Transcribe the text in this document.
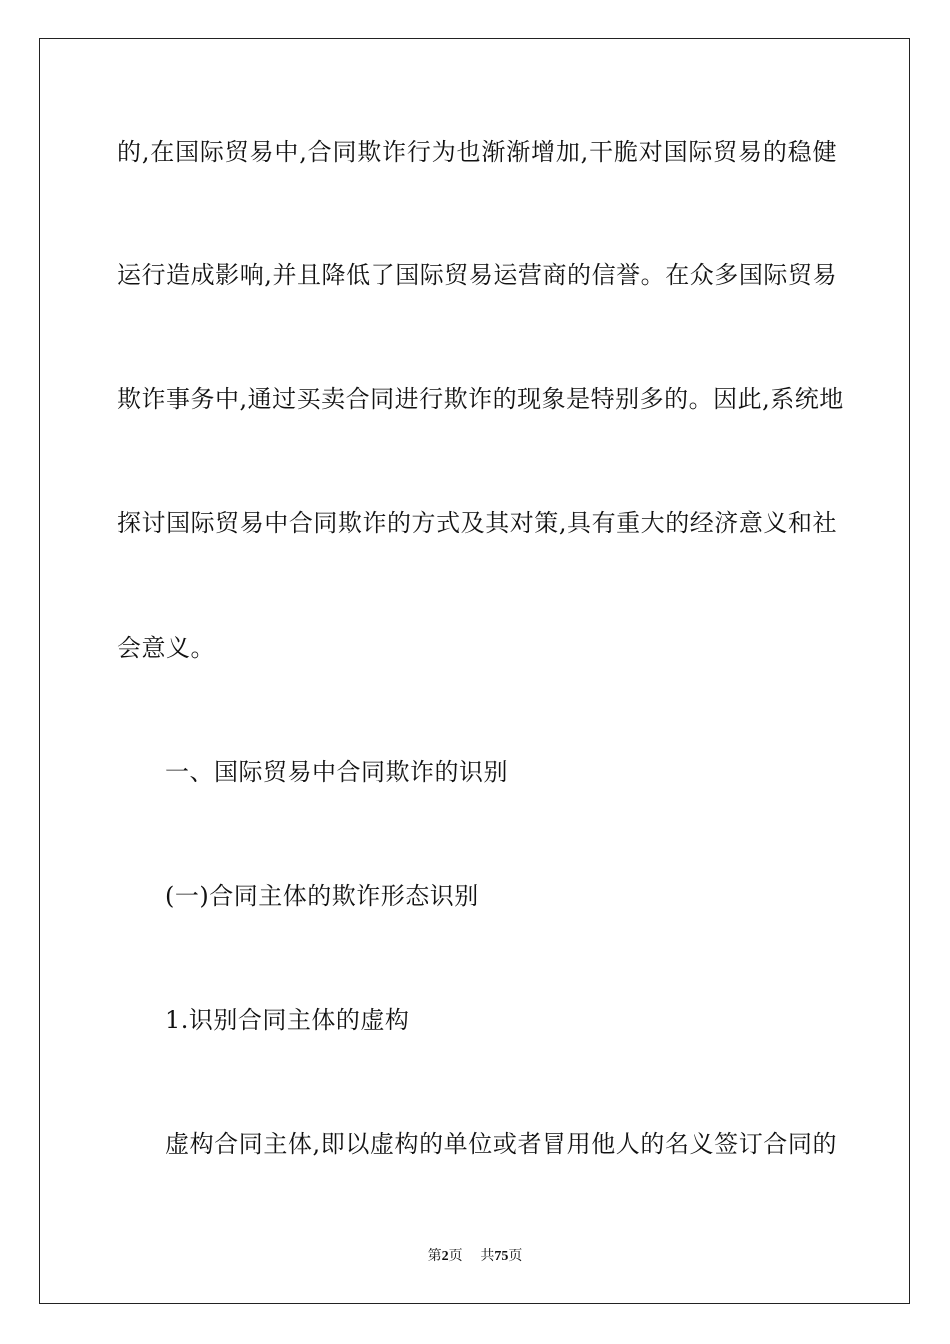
的,在国际贸易中,合同欺诈行为也渐渐增加,干脆对国际贸易的稳健
运行造成影响,并且降低了国际贸易运营商的信誉。在众多国际贸易
欺诈事务中,通过买卖合同进行欺诈的现象是特别多的。因此,系统地
探讨国际贸易中合同欺诈的方式及其对策,具有重大的经济意义和社
会意义。
一、国际贸易中合同欺诈的识别
(一)合同主体的欺诈形态识别
1.识别合同主体的虚构
虚构合同主体,即以虚构的单位或者冒用他人的名义签订合同的
第2页 共75页
